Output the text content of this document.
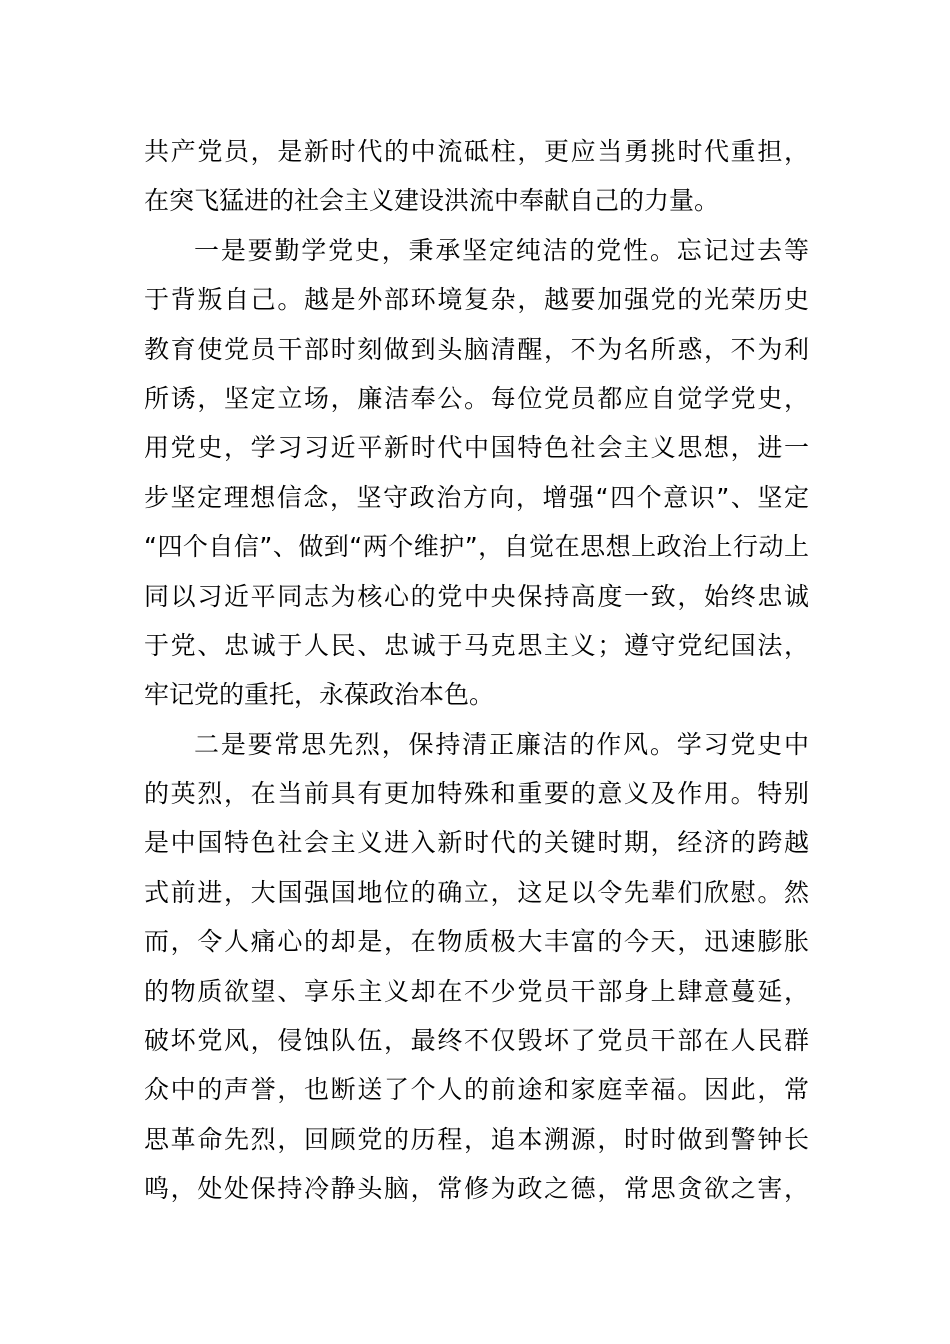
共产党员，是新时代的中流砥柱，更应当勇挑时代重担，
在突飞猛进的社会主义建设洪流中奉献自己的力量。
一是要勤学党史，秉承坚定纯洁的党性。忘记过去等
于背叛自己。越是外部环境复杂，越要加强党的光荣历史
教育使党员干部时刻做到头脑清醒，不为名所惑，不为利
所诱，坚定立场，廉洁奉公。每位党员都应自觉学党史，
用党史，学习习近平新时代中国特色社会主义思想，进一
步坚定理想信念，坚守政治方向，增强“四个意识”、坚定
“四个自信”、做到“两个维护”，自觉在思想上政治上行动上
同以习近平同志为核心的党中央保持高度一致，始终忠诚
于党、忠诚于人民、忠诚于马克思主义；遵守党纪国法，
牢记党的重托，永葆政治本色。
二是要常思先烈，保持清正廉洁的作风。学习党史中
的英烈，在当前具有更加特殊和重要的意义及作用。特别
是中国特色社会主义进入新时代的关键时期，经济的跨越
式前进，大国强国地位的确立，这足以令先辈们欣慰。然
而，令人痛心的却是，在物质极大丰富的今天，迅速膨胀
的物质欲望、享乐主义却在不少党员干部身上肆意蔓延，
破坏党风，侵蚀队伍，最终不仅毁坏了党员干部在人民群
众中的声誉，也断送了个人的前途和家庭幸福。因此，常
思革命先烈，回顾党的历程，追本溯源，时时做到警钟长
鸣，处处保持冷静头脑，常修为政之德，常思贪欲之害，
